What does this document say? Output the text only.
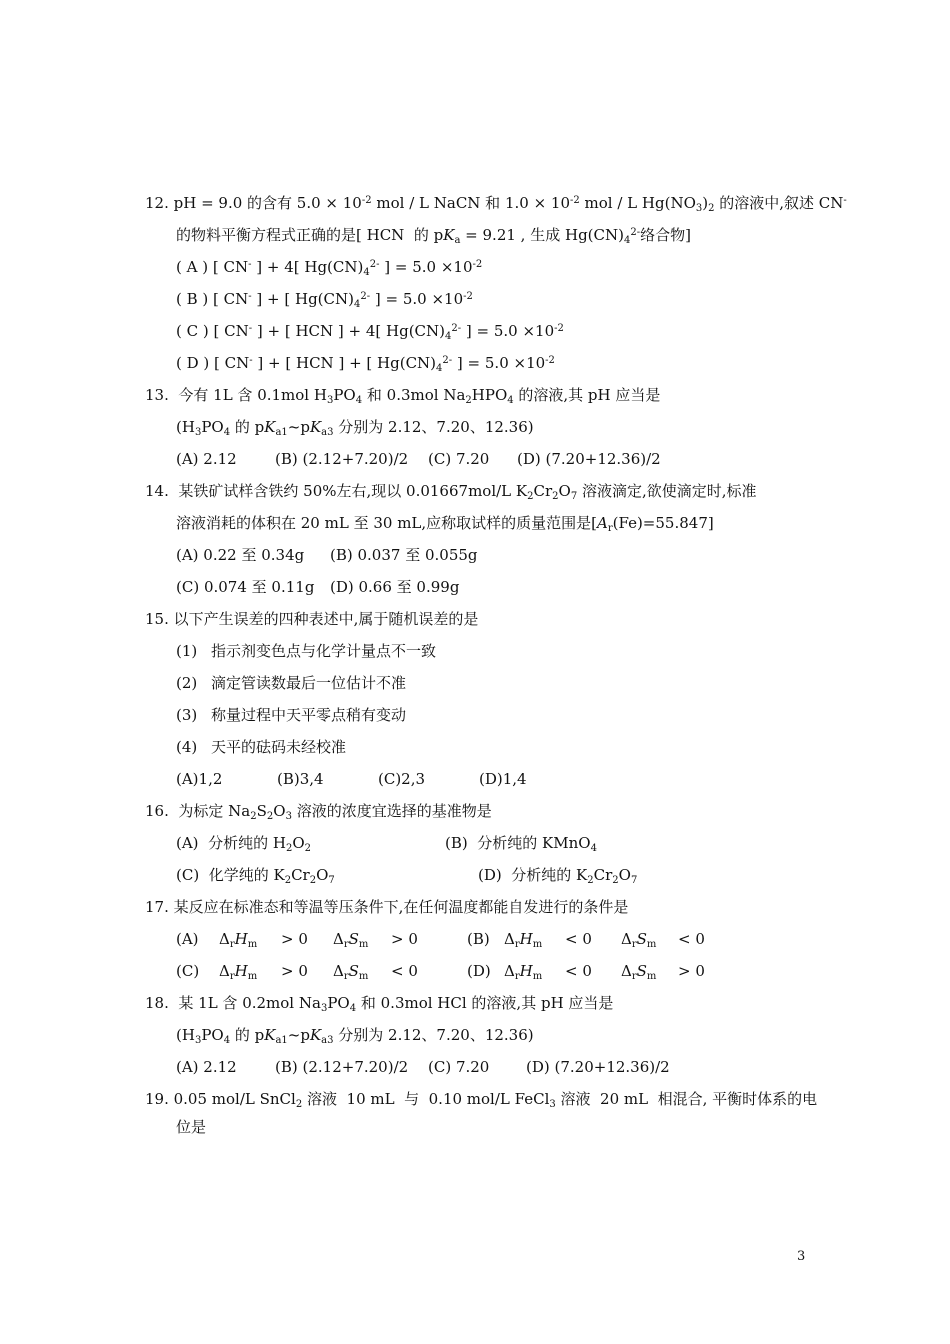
12. pH = 9.0 的含有 $5.0 \times 10^{-2}$ mol / L NaCN 和 $1.0 \times 10^{-2}$ mol / L $Hg(NO_3)_2$ 的溶液中,叙述 CN-
的物料平衡方程式正确的是[ HCN  的 $pK_a = 9.21$ , 生成 $Hg(CN)_4^{2-}$络合物]
( A ) [ CN- ] + 4[ $Hg(CN)_4^{2-}$ ] = $5.0 \times 10^{-2}$
( B ) [ CN- ] + [ $Hg(CN)_4^{2-}$ ] = $5.0 \times 10^{-2}$
( C ) [ CN- ] + [ HCN ] + 4[ $Hg(CN)_4^{2-}$ ] = $5.0 \times 10^{-2}$
( D ) [ CN- ] + [ HCN ] + [ $Hg(CN)_4^{2-}$ ] = $5.0 \times 10^{-2}$
13.  今有 1L 含 0.1mol $H_3PO_4$ 和 0.3mol $Na_2HPO_4$ 的溶液,其 pH 应当是
($H_3PO_4$ 的 $pK_{a1}\sim pK_{a3}$ 分别为 2.12、7.20、12.36)
(A) 2.12	(B) (2.12+7.20)/2 (C) 7.20 (D) (7.20+12.36)/2
14.  某铁矿试样含铁约 50%左右,现以 0.01667mol/L $K_2Cr_2O_7$ 溶液滴定,欲使滴定时,标准
溶液消耗的体积在 20 mL 至 30 mL,应称取试样的质量范围是$[A_r(Fe)=55.847]$
(A) 0.22 至 0.34g (B) 0.037 至 0.055g
(C) 0.074 至 0.11g (D) 0.66 至 0.99g
15. 以下产生误差的四种表述中,属于随机误差的是
(1) 指示剂变色点与化学计量点不一致
(2) 滴定管读数最后一位估计不准
(3) 称量过程中天平零点稍有变动
(4) 天平的砝码未经校准
(A)1,2	(B)3,4	(C)2,3	(D)1,4
16.  为标定 $Na_2S_2O_3$ 溶液的浓度宜选择的基准物是
(A)  分析纯的 $H_2O_2$	(B)  分析纯的 KMnO$_4$
(C)  化学纯的 $K_2Cr_2O_7$	(D)  分析纯的 $K_2Cr_2O_7$
17. 某反应在标准态和等温等压条件下,在任何温度都能自发进行的条件是
(A) $\Delta_rH_m > 0$ $\Delta_rS_m > 0$	(B) $\Delta_rH_m < 0$ $\Delta_rS_m < 0$
(C) $\Delta_rH_m > 0$ $\Delta_rS_m < 0$	(D) $\Delta_rH_m < 0$ $\Delta_rS_m > 0$
18.  某 1L 含 0.2mol $Na_3PO_4$ 和 0.3mol HCl 的溶液,其 pH 应当是
($H_3PO_4$ 的 $pK_{a1}\sim pK_{a3}$ 分别为 2.12、7.20、12.36)
(A) 2.12	(B) (2.12+7.20)/2 (C) 7.20 (D) (7.20+12.36)/2
19. 0.05 mol/L SnCl$_2$ 溶液  10 mL  与  0.10 mol/L FeCl$_3$ 溶液  20 mL  相混合, 平衡时体系的电
位是
3
